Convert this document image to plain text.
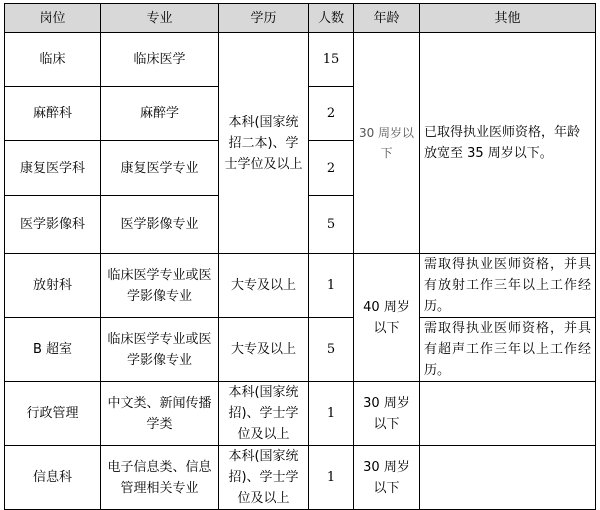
岗位	专业	学历	人数	年龄	其他
临床	临床医学	本科(国家统招二本)、学士学位及以上	15	30 周岁以下	已取得执业医师资格，年龄放宽至 35 周岁以下。
麻醉科	麻醉学		2		
康复医学科	康复医学专业		2		
医学影像科	医学影像专业		5		
放射科	临床医学专业或医学影像专业	大专及以上	1	40 周岁以下	需取得执业医师资格，并具有放射工作三年以上工作经历。
B 超室	临床医学专业或医学影像专业	大专及以上	5		需取得执业医师资格，并具有超声工作三年以上工作经历。
行政管理	中文类、新闻传播学类	本科(国家统招)、学士学位及以上	1	30 周岁以下	
信息科	电子信息类、信息管理相关专业	本科(国家统招)、学士学位及以上	1	30 周岁以下	
